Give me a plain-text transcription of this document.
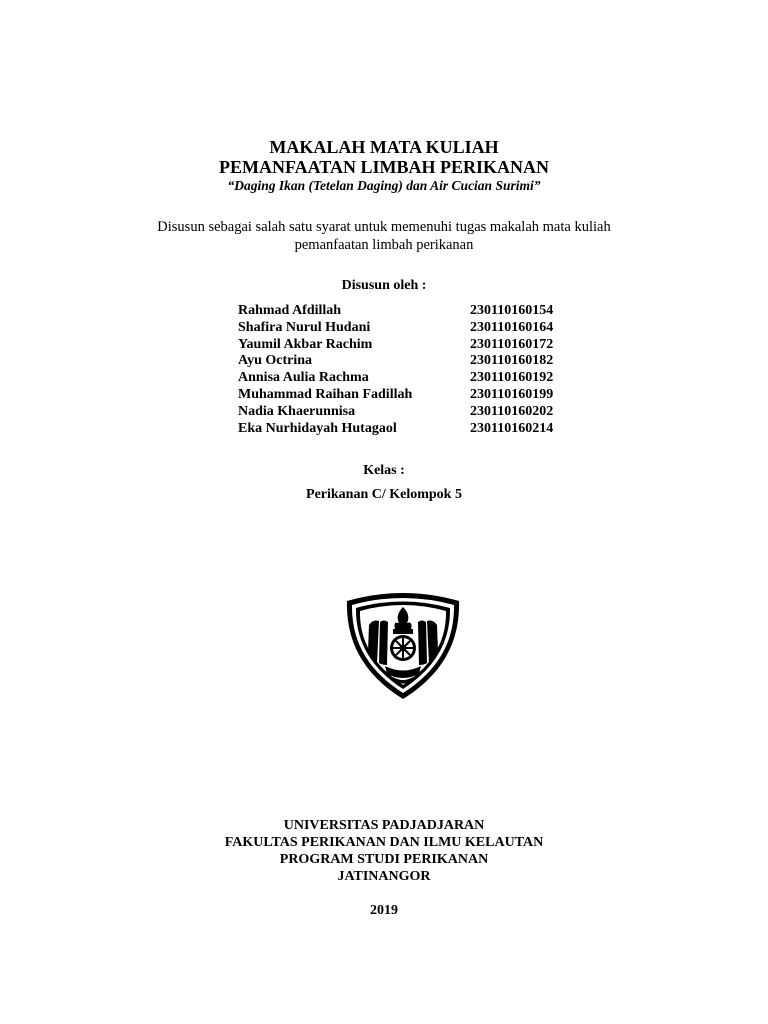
MAKALAH MATA KULIAH
PEMANFAATAN LIMBAH PERIKANAN
“Daging Ikan (Tetelan Daging) dan Air Cucian Surimi”
Disusun sebagai salah satu syarat untuk memenuhi tugas makalah mata kuliah
pemanfaatan limbah perikanan
Disusun oleh :
Rahmad Afdillah	230110160154
Shafira Nurul Hudani	230110160164
Yaumil Akbar Rachim	230110160172
Ayu Octrina	230110160182
Annisa Aulia Rachma	230110160192
Muhammad Raihan Fadillah	230110160199
Nadia Khaerunnisa	230110160202
Eka Nurhidayah Hutagaol	230110160214
Kelas :
Perikanan C/ Kelompok 5
UNIVERSITAS PADJADJARAN
FAKULTAS PERIKANAN DAN ILMU KELAUTAN
PROGRAM STUDI PERIKANAN
JATINANGOR
2019
